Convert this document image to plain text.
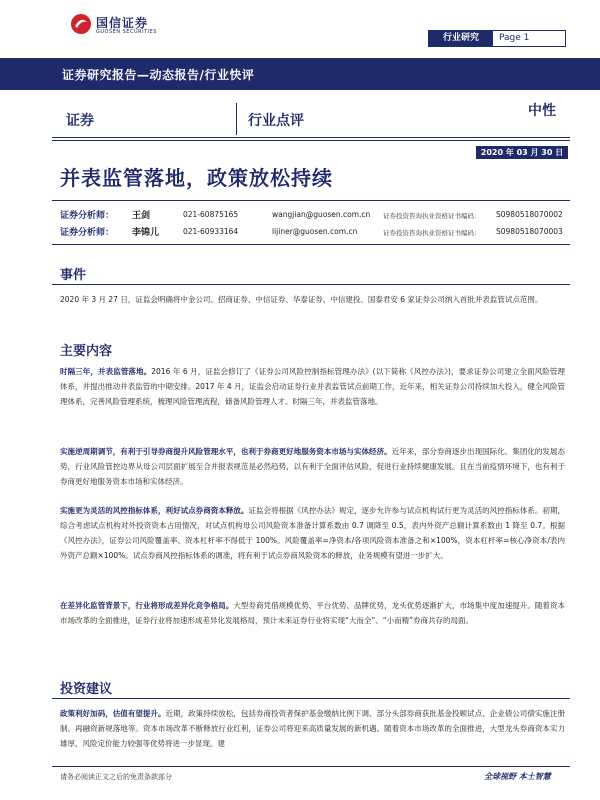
国信证券
GUOSEN SECURITIES
行业研究	Page 1
证券研究报告—动态报告/行业快评
证券	行业点评
中性
2020 年 03 月 30 日
并表监管落地，政策放松持续
证券分析师： 王剑	021-60875165	wangjian@guosen.com.cn 证券投资咨询执业资格证书编码： S0980518070002
证券分析师： 李锦儿	021-60933164	lijiner@guosen.com.cn	证券投资咨询执业资格证书编码： S0980518070003
事件
2020 年 3 月 27 日，证监会明确将中金公司、招商证券、中信证券、华泰证券、中信建投、国泰君安 6 家证券公司纳入首批并表监管试点范围。
主要内容
时隔三年，并表监管落地。2016 年 6 月，证监会修订了《证券公司风险控制指标管理办法》(以下简称《风控办法》)，要求证券公司建立全面风险管理体系，并提出推动并表监管的中期安排。2017 年 4 月，证监会启动证券行业并表监管试点前期工作，近年来，相关证券公司持续加大投入，健全风险管理体系，完善风险管理系统，梳理风险管理流程，储备风险管理人才。时隔三年，并表监管落地。
实施逆周期调节，有利于引导券商提升风险管理水平，也利于券商更好地服务资本市场与实体经济。近年来，部分券商逐步出现国际化、集团化的发展态势，行业风险管控边界从母公司层面扩展至合并报表规范是必然趋势，以有利于全面评估风险，促进行业持续健康发展。且在当前疫情环境下，也有利于券商更好地服务资本市场和实体经济。
实施更为灵活的风控指标体系，利好试点券商资本释放。证监会将根据《风控办法》规定，逐步允许参与试点机构试行更为灵活的风控指标体系。初期，综合考虑试点机构对外投资资本占用情况，对试点机构母公司风险资本准备计算系数由 0.7 调降至 0.5，表内外资产总额计算系数由 1 降至 0.7。根据《风控办法》，证券公司风险覆盖率、资本杠杆率不得低于 100%。风险覆盖率=净资本/各项风险资本准备之和×100%，资本杠杆率=核心净资本/表内外资产总额×100%。试点券商风控指标体系的调准，将有利于试点券商风险资本的释放，业务规模有望进一步扩大。
在差异化监管背景下，行业将形成差异化竞争格局。大型券商凭借规模优势、平台优势、品牌优势，龙头优势逐渐扩大，市场集中度加速提升。随着资本市场改革的全面推进，证券行业将加速形成差异化发展格局，预计未来证券行业将实现“大而全”、“小而精”券商共存的局面。
投资建议
政策利好加码，估值有望提升。近期，政策持续放松，包括券商投资者保护基金缴纳比例下调、部分头部券商获批基金投顾试点、企业债公司债实施注册制、再融资新规落地等。资本市场改革不断释放行业红利，证券公司将迎来高质量发展的新机遇。随着资本市场改革的全面推进，大型龙头券商资本实力雄厚，风险定价能力较强等优势将进一步显现。建
请务必阅读正文之后的免责条款部分	全球视野 本土智慧
